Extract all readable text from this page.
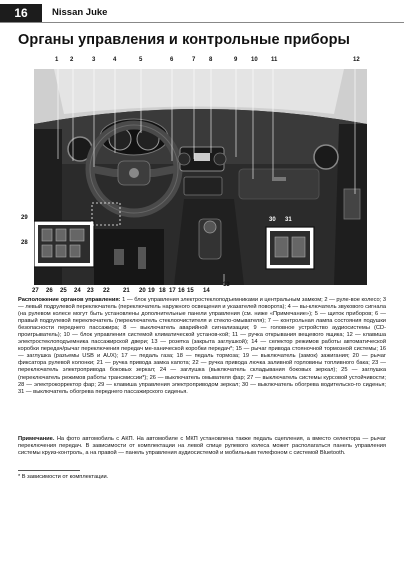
16	Nissan Juke
Органы управления и контрольные приборы
1 2	3	4	5	6	7 8	9 10 11	12
29
28
30 31
27 26 25 24 23 22 21 20 19 18 17 16 15 14
13
Расположение органов управления: 1 — блок управления электростеклоподъемниками и центральным замком; 2 — руле-вое колесо; 3 — левый подрулевой переключатель (переключатель наружного освещения и указателей поворота); 4 — вы-ключатель звукового сигнала (на рулевом колесе могут быть установлены дополнительные панели управления (см. ниже «Примечание»); 5 — щиток приборов; 6 — правый подрулевой переключатель (переключатель стеклоочистителя и стекло-омывателя); 7 — контрольная лампа состояния подушки безопасности переднего пассажира; 8 — выключатель аварийной сигнализации; 9 — головное устройство аудиосистемы (CD-проигрыватель); 10 — блок управления системой климатической установ-кой; 11 — ручка открывания вещевого ящика; 12 — клавиша электростеклоподъемника пассажирской двери; 13 — розетка (закрыта заглушкой); 14 — селектор режимов работы автоматической коробки передач/рычаг переключения передач ме-ханической коробки передач*; 15 — рычаг привода стояночной тормозной системы; 16 — заглушка (разъемы USB и AUX); 17 — педаль газа; 18 — педаль тормоза; 19 — выключатель (замок) зажигания; 20 — рычаг фиксатора рулевой колонки; 21 — ручка привода замка капота; 22 — ручка привода лючка заливной горловины топливного бака; 23 — переключатель электропривода боковых зеркал; 24 — заглушка (выключатель складывания боковых зеркал); 25 — заглушка (переключатель режимов работы трансмиссии*); 26 — выключатель омывателя фар; 27 — выключатель системы курсовой устойчивости; 28 — электрокорректор фар; 29 — клавиша управления электроприводом зеркал; 30 — выключатель обогрева водительско-го сиденья; 31 — выключатель обогрева переднего пассажирского сиденья.
Примечание. На фото автомобиль с АКП. На автомобиле с МКП установлена также педаль сцепления, а вместо селектора — рычаг переключения передач. В зависимости от комплектации на левой спице рулевого колеса может располагаться панель управления системы круиз-контроль, а на правой — панель управления аудиосистемой и мобильным телефоном с системой Bluetooth.
* В зависимости от комплектации.
